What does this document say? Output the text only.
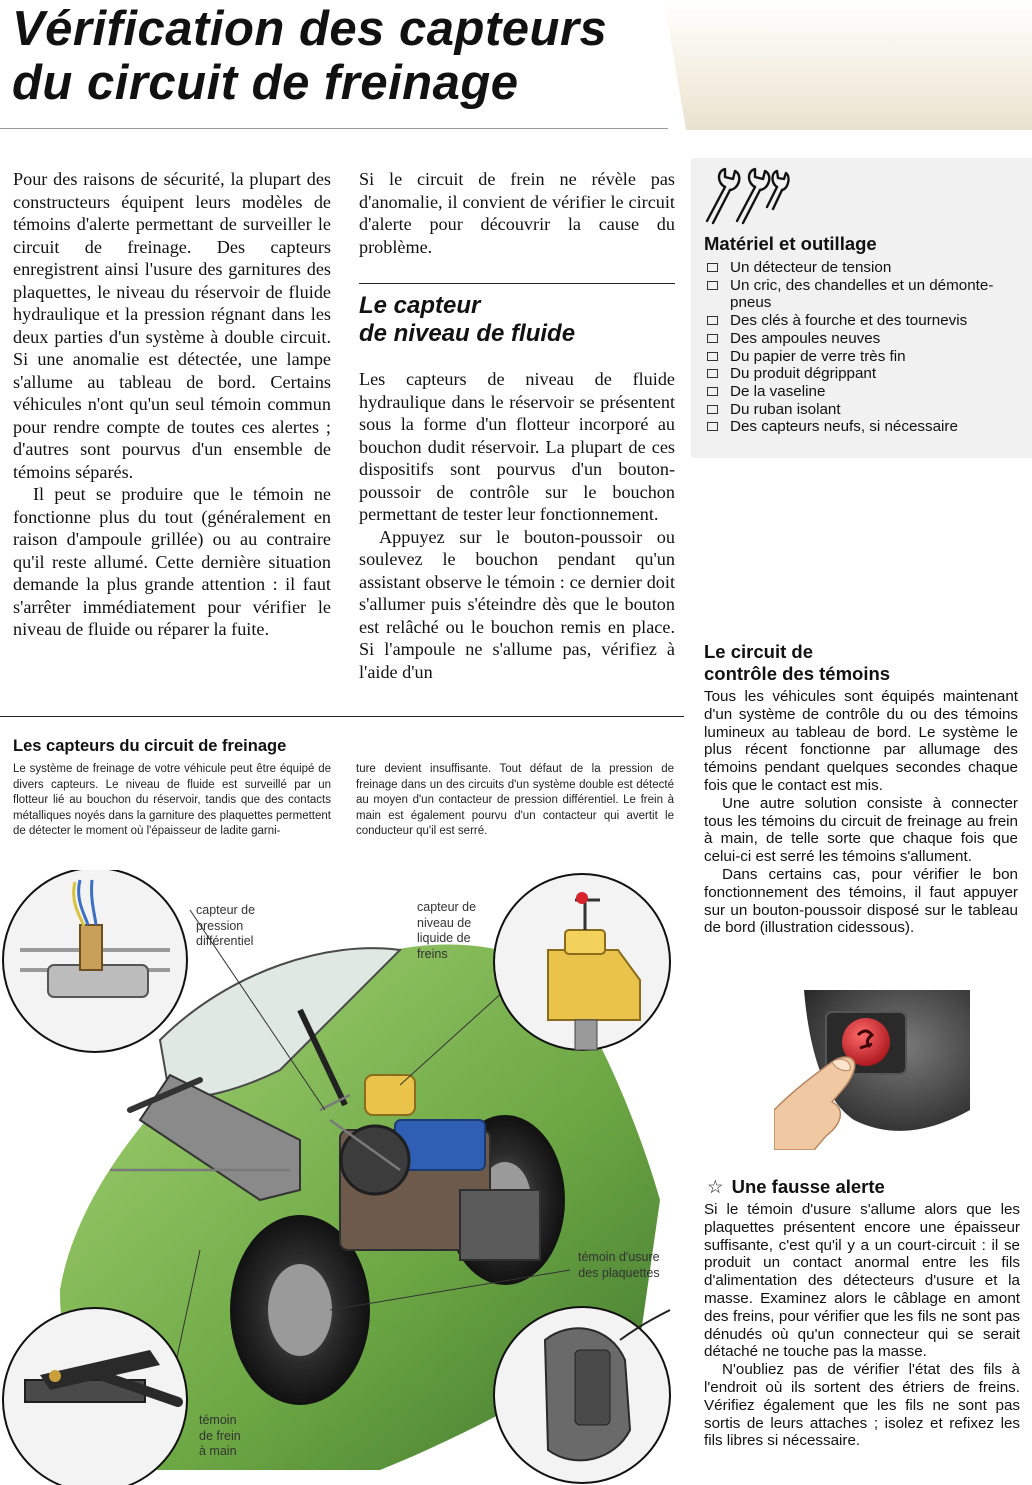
Vérification des capteurs
du circuit de freinage

Pour des raisons de sécurité, la plupart des constructeurs équipent leurs modèles de témoins d'alerte permettant de surveiller le circuit de freinage. Des capteurs enregistrent ainsi l'usure des garnitures des plaquettes, le niveau du réservoir de fluide hydraulique et la pression régnant dans les deux parties d'un système à double circuit. Si une anomalie est détectée, une lampe s'allume au tableau de bord. Certains véhicules n'ont qu'un seul témoin commun pour rendre compte de toutes ces alertes ; d'autres sont pourvus d'un ensemble de témoins séparés.

Il peut se produire que le témoin ne fonctionne plus du tout (généralement en raison d'ampoule grillée) ou au contraire qu'il reste allumé. Cette dernière situation demande la plus grande attention : il faut s'arrêter immédiatement pour vérifier le niveau de fluide ou réparer la fuite.

Si le circuit de frein ne révèle pas d'anomalie, il convient de vérifier le circuit d'alerte pour découvrir la cause du problème.

Le capteur
de niveau de fluide

Les capteurs de niveau de fluide hydraulique dans le réservoir se présentent sous la forme d'un flotteur incorporé au bouchon dudit réservoir. La plupart de ces dispositifs sont pourvus d'un bouton-poussoir de contrôle sur le bouchon permettant de tester leur fonctionnement.

Appuyez sur le bouton-poussoir ou soulevez le bouchon pendant qu'un assistant observe le témoin : ce dernier doit s'allumer puis s'éteindre dès que le bouton est relâché ou le bouchon remis en place. Si l'ampoule ne s'allume pas, vérifiez à l'aide d'un

Matériel et outillage
Un détecteur de tension
Un cric, des chandelles et un démonte-pneus
Des clés à fourche et des tournevis
Des ampoules neuves
Du papier de verre très fin
Du produit dégrippant
De la vaseline
Du ruban isolant
Des capteurs neufs, si nécessaire
Le circuit de
contrôle des témoins

Tous les véhicules sont équipés maintenant d'un système de contrôle du ou des témoins lumineux au tableau de bord. Le système le plus récent fonctionne par allumage des témoins pendant quelques secondes chaque fois que le contact est mis.

Une autre solution consiste à connecter tous les témoins du circuit de freinage au frein à main, de telle sorte que chaque fois que celui-ci est serré les témoins s'allument.

Dans certains cas, pour vérifier le bon fonctionnement des témoins, il faut appuyer sur un bouton-poussoir disposé sur le tableau de bord (illustration cidessous).

☆ Une fausse alerte

Si le témoin d'usure s'allume alors que les plaquettes présentent encore une épaisseur suffisante, c'est qu'il y a un court-circuit : il se produit un contact anormal entre les fils d'alimentation des détecteurs d'usure et la masse. Examinez alors le câblage en amont des freins, pour vérifier que les fils ne sont pas dénudés où qu'un connecteur qui se serait détaché ne touche pas la masse.

N'oubliez pas de vérifier l'état des fils à l'endroit où ils sortent des étriers de freins. Vérifiez également que les fils ne sont pas sortis de leurs attaches ; isolez et refixez les fils libres si nécessaire.

Les capteurs du circuit de freinage

Le système de freinage de votre véhicule peut être équipé de divers capteurs. Le niveau de fluide est surveillé par un flotteur lié au bouchon du réservoir, tandis que des contacts métalliques noyés dans la garniture des plaquettes permettent de détecter le moment où l'épaisseur de ladite garni-

ture devient insuffisante. Tout défaut de la pression de freinage dans un des circuits d'un système double est détecté au moyen d'un contacteur de pression différentiel. Le frein à main est également pourvu d'un contacteur qui avertit le conducteur qu'il est serré.

capteur de
pression
différentiel
capteur de
niveau de
liquide de
freins
témoin d'usure
des plaquettes
témoin
de frein
à main
